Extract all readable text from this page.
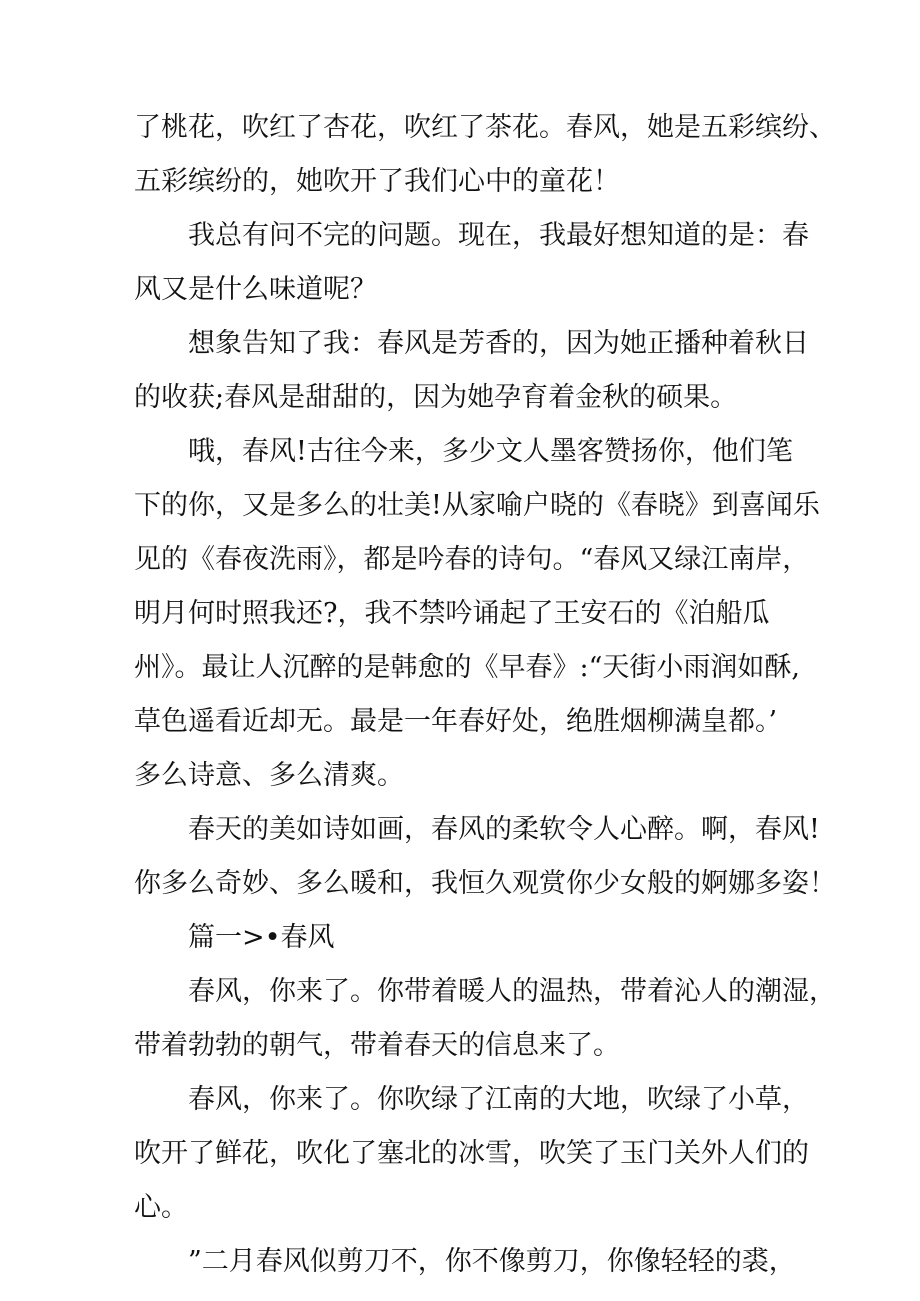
了桃花，吹红了杏花，吹红了茶花。春风，她是五彩缤纷、
五彩缤纷的，她吹开了我们心中的童花！
我总有问不完的问题。现在，我最好想知道的是：春
风又是什么味道呢？
想象告知了我：春风是芳香的，因为她正播种着秋日
的收获;春风是甜甜的，因为她孕育着金秋的硕果。
哦，春风!古往今来，多少文人墨客赞扬你，他们笔
下的你，又是多么的壮美!从家喻户晓的《春晓》到喜闻乐
见的《春夜洗雨》，都是吟春的诗句。“春风又绿江南岸，
明月何时照我还?，我不禁吟诵起了王安石的《泊船瓜
州》。最让人沉醉的是韩愈的《早春》:“天街小雨润如酥,
草色遥看近却无。最是一年春好处，绝胜烟柳满皇都。’
多么诗意、多么清爽。
春天的美如诗如画，春风的柔软令人心醉。啊，春风!
你多么奇妙、多么暖和，我恒久观赏你少女般的婀娜多姿！
篇一>•春风
春风，你来了。你带着暖人的温热，带着沁人的潮湿，
带着勃勃的朝气，带着春天的信息来了。
春风，你来了。你吹绿了江南的大地，吹绿了小草，
吹开了鲜花，吹化了塞北的冰雪，吹笑了玉门关外人们的
心。
”二月春风似剪刀不，你不像剪刀，你像轻轻的裘，
